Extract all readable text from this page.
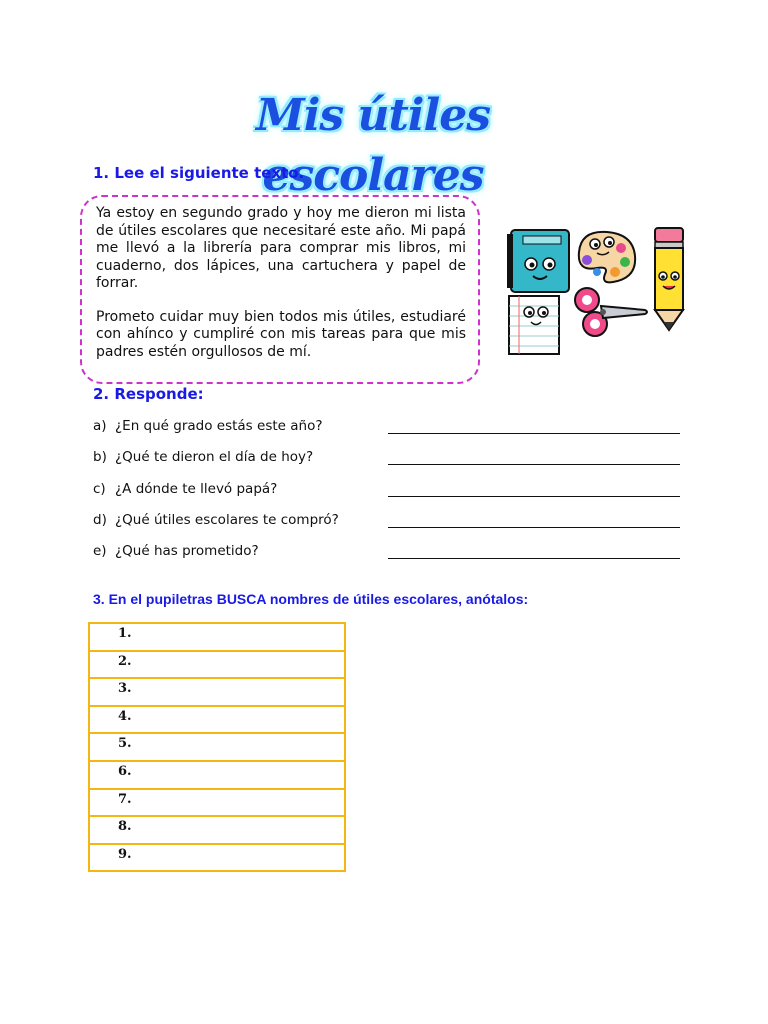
Mis útiles escolares
1. Lee el siguiente texto.

Ya estoy en segundo grado y hoy me dieron mi lista de útiles escolares que necesitaré este año. Mi papá me llevó a la librería para comprar mis libros, mi cuaderno, dos lápices, una cartuchera y papel de forrar.

Prometo cuidar muy bien todos mis útiles, estudiaré con ahínco y cumpliré con mis tareas para que mis padres estén orgullosos de mí.

2. Responde:
a) ¿En qué grado estás este año?
b) ¿Qué te dieron el día de hoy?
c) ¿A dónde te llevó papá?
d) ¿Qué útiles escolares te compró?
e) ¿Qué has prometido?
3. En el pupiletras BUSCA nombres de útiles escolares, anótalos:
1.
2.
3.
4.
5.
6.
7.
8.
9.
